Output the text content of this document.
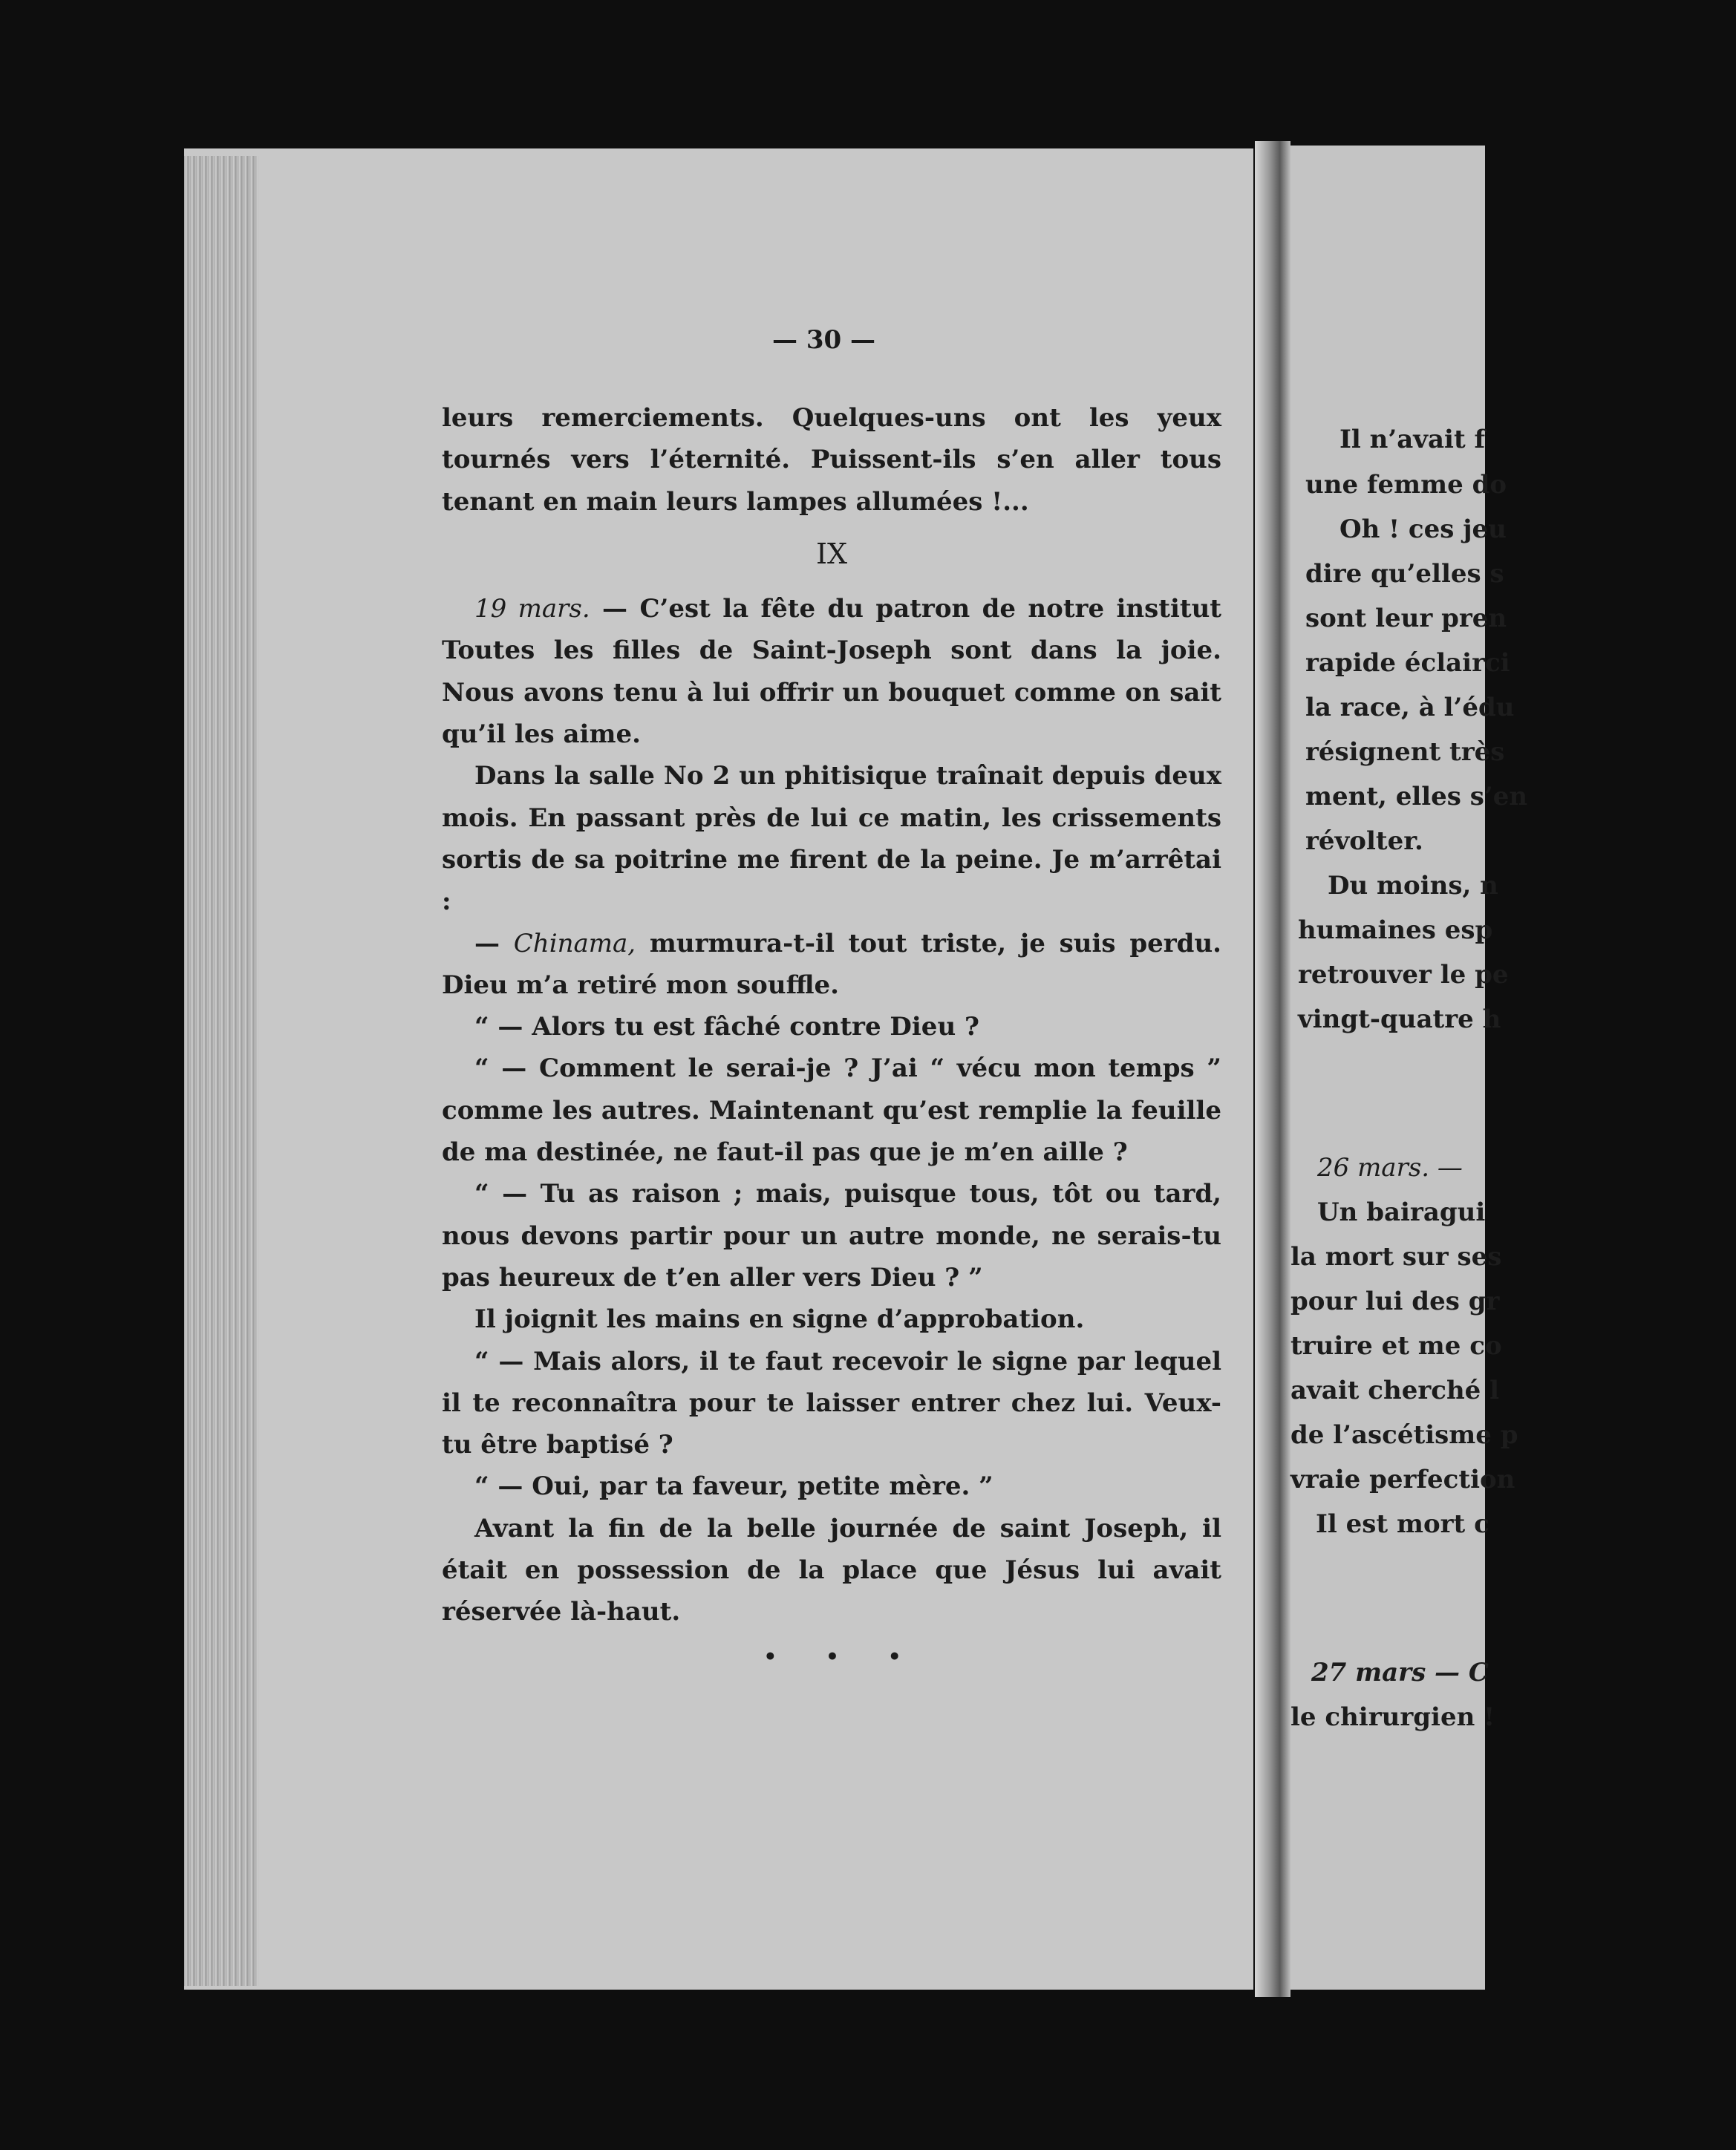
Il n’avait f
une femme do
Oh ! ces jeu
dire qu’elles s
sont leur pren
rapide éclairci
la race, à l’édu
résignent très
ment, elles s’en
révolter.
Du moins, n
humaines esp
retrouver le pe
vingt-quatre h
26 mars. —
Un bairagui
la mort sur ses
pour lui des gr
truire et me co
avait cherché l
de l’ascétisme p
vraie perfection
Il est mort c
27 mars — C
le chirurgien !
— 30 —

leurs remerciements. Quelques-uns ont les yeux tournés vers l’éternité. Puissent-ils s’en aller tous tenant en main leurs lampes allumées !...

IX

19 mars. — C’est la fête du patron de notre institut Toutes les filles de Saint-Joseph sont dans la joie. Nous avons tenu à lui offrir un bouquet comme on sait qu’il les aime.

Dans la salle No 2 un phitisique traînait depuis deux mois. En passant près de lui ce matin, les crissements sortis de sa poitrine me firent de la peine. Je m’arrêtai :

— Chinama, murmura-t-il tout triste, je suis perdu. Dieu m’a retiré mon souffle.

“ — Alors tu est fâché contre Dieu ?

“ — Comment le serai-je ? J’ai “ vécu mon temps ” comme les autres. Maintenant qu’est remplie la feuille de ma destinée, ne faut-il pas que je m’en aille ?

“ — Tu as raison ; mais, puisque tous, tôt ou tard, nous devons partir pour un autre monde, ne serais-tu pas heureux de t’en aller vers Dieu ? ”

Il joignit les mains en signe d’approbation.

“ — Mais alors, il te faut recevoir le signe par lequel il te reconnaîtra pour te laisser entrer chez lui. Veux-tu être baptisé ?

“ — Oui, par ta faveur, petite mère. ”

Avant la fin de la belle journée de saint Joseph, il était en possession de la place que Jésus lui avait réservée là-haut.

• • •
